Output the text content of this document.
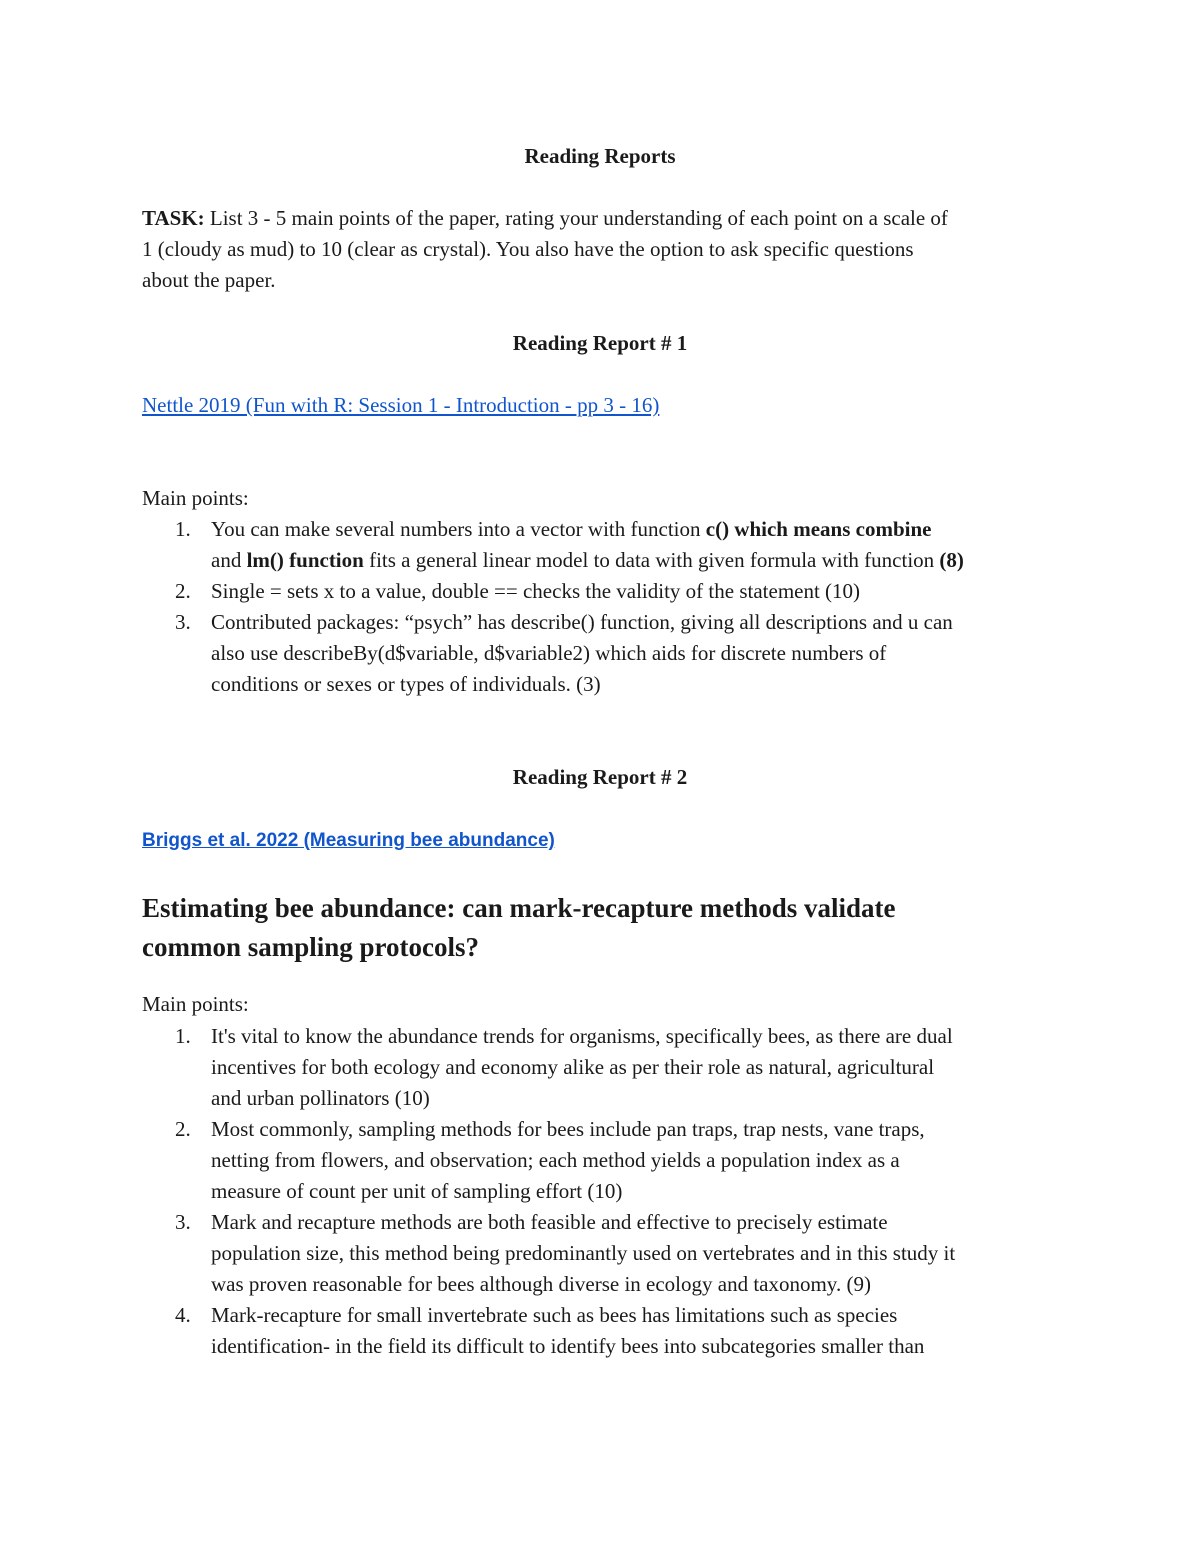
Reading Reports
TASK: List 3 - 5 main points of the paper, rating your understanding of each point on a scale of
1 (cloudy as mud) to 10 (clear as crystal). You also have the option to ask specific questions
about the paper.
Reading Report # 1
Nettle 2019 (Fun with R: Session 1 - Introduction - pp 3 - 16)
Main points:
1. You can make several numbers into a vector with function c() which means combine
and lm() function fits a general linear model to data with given formula with function (8)
2. Single = sets x to a value, double == checks the validity of the statement (10)
3. Contributed packages: “psych” has describe() function, giving all descriptions and u can
also use describeBy(d$variable, d$variable2) which aids for discrete numbers of
conditions or sexes or types of individuals. (3)
Reading Report # 2
Briggs et al. 2022 (Measuring bee abundance)
Estimating bee abundance: can mark‑recapture methods validate
common sampling protocols?
Main points:
1. It's vital to know the abundance trends for organisms, specifically bees, as there are dual
incentives for both ecology and economy alike as per their role as natural, agricultural
and urban pollinators (10)
2. Most commonly, sampling methods for bees include pan traps, trap nests, vane traps,
netting from flowers, and observation; each method yields a population index as a
measure of count per unit of sampling effort (10)
3. Mark and recapture methods are both feasible and effective to precisely estimate
population size, this method being predominantly used on vertebrates and in this study it
was proven reasonable for bees although diverse in ecology and taxonomy. (9)
4. Mark-recapture for small invertebrate such as bees has limitations such as species
identification- in the field its difficult to identify bees into subcategories smaller than
